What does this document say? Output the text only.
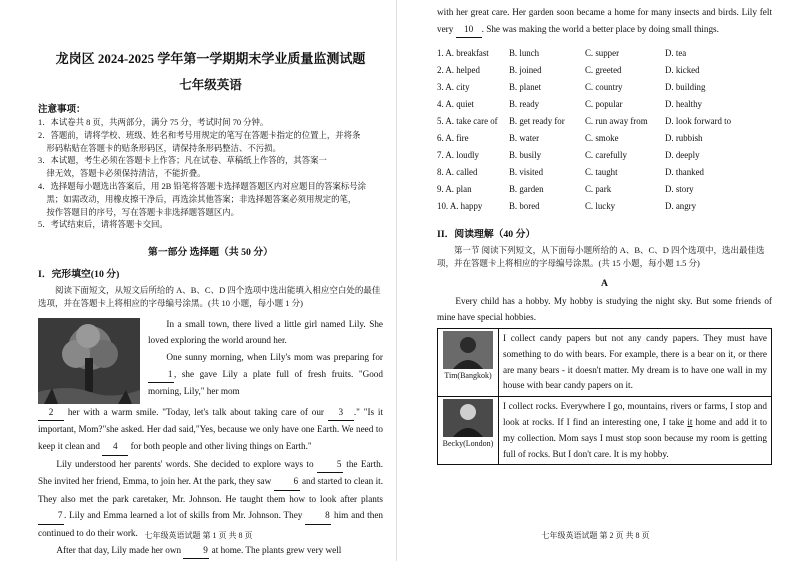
龙岗区 2024-2025 学年第一学期期末学业质量监测试题
七年级英语
注意事项：

1．本试卷共 8 页，共两部分，满分 75 分，考试时间 70 分钟。

2．答题前，请将学校、班级、姓名和考号用规定的笔写在答题卡指定的位置上，并将条

形码粘贴在答题卡的贴条形码区，请保持条形码整洁、不污损。

3．本试题，考生必须在答题卡上作答；凡在试卷、草稿纸上作答的，其答案一

律无效，答题卡必须保持清洁，不能折叠。

4．选择题每小题选出答案后，用 2B 铅笔将答题卡选择题答题区内对应题目的答案标号涂

黑；如需改动，用橡皮擦干净后，再选涂其他答案；非选择题答案必须用规定的笔，

按作答题目的序号，写在答题卡非选择题答题区内。

5．考试结束后，请将答题卡交回。

第一部分 选择题（共 50 分）
I．完形填空(10 分)

阅读下面短文，从短文后所给的 A、B、C、D 四个选项中选出能填入相应空白处的最佳选项，并在答题卡上将相应的字母编号涂黑。(共 10 小题，每小题 1 分)

In a small town, there lived a little girl named Lily. She loved exploring the world around her.

One sunny morning, when Lily's mom was preparing for 1 , she gave Lily a plate full of fresh fruits. "Good morning, Lily," her mom

2 her with a warm smile. "Today, let's talk about taking care of our 3 ." "Is it important, Mom?"she asked. Her dad said,"Yes, because we only have one Earth. We need to keep it clean and 4 for both people and other living things on Earth."

Lily understood her parents' words. She decided to explore ways to	5 the Earth. She invited her friend, Emma, to join her. At the park, they saw 6 and started to clean it. They also met the park caretaker, Mr. Johnson. He taught them how to look after plants 7 . Lily and Emma learned a lot of skills from Mr. Johnson. They 8 him and then continued to do their work.

After that day, Lily made her own 9 at home. The plants grew very well

七年级英语试题 第 1 页 共 8 页

with her great care. Her garden soon became a home for many insects and birds. Lily felt very 10 . She was making the world a better place by doing small things.

1. A. breakfast	B. lunch	C. supper	D. tea
2. A. helped	B. joined	C. greeted	D. kicked
3. A. city	B. planet	C. country	D. building
4. A. quiet	B. ready	C. popular	D. healthy
5. A. take care of	B. get ready for	C. run away from	D. look forward to
6. A. fire	B. water	C. smoke	D. rubbish
7. A. loudly	B. busily	C. carefully	D. deeply
8. A. called	B. visited	C. taught	D. thanked
9. A. plan	B. garden	C. park	D. story
10. A. happy	B. bored	C. lucky	D. angry
II．阅读理解（40 分）

第一节 阅读下列短文，从下面每小题所给的 A、B、C、D 四个选项中，选出最佳选项，并在答题卡上将相应的字母编号涂黑。(共 15 小题，每小题 1.5 分)

A

Every child has a hobby. My hobby is studying the night sky. But some friends of mine have special hobbies.

Tim(Bangkok)	I collect candy papers but not any candy papers. They must have something to do with bears. For example, there is a bear on it, or there are many bears - it doesn't matter. My dream is to have one wall in my house with bear candy papers on it.

Becky(London)	I collect rocks. Everywhere I go, mountains, rivers or farms, I stop and look at rocks. If I find an interesting one, I take it home and add it to my collection. Mom says I must stop soon because my room is getting full of rocks. But I don't care. It is my hobby.
七年级英语试题 第 2 页 共 8 页
